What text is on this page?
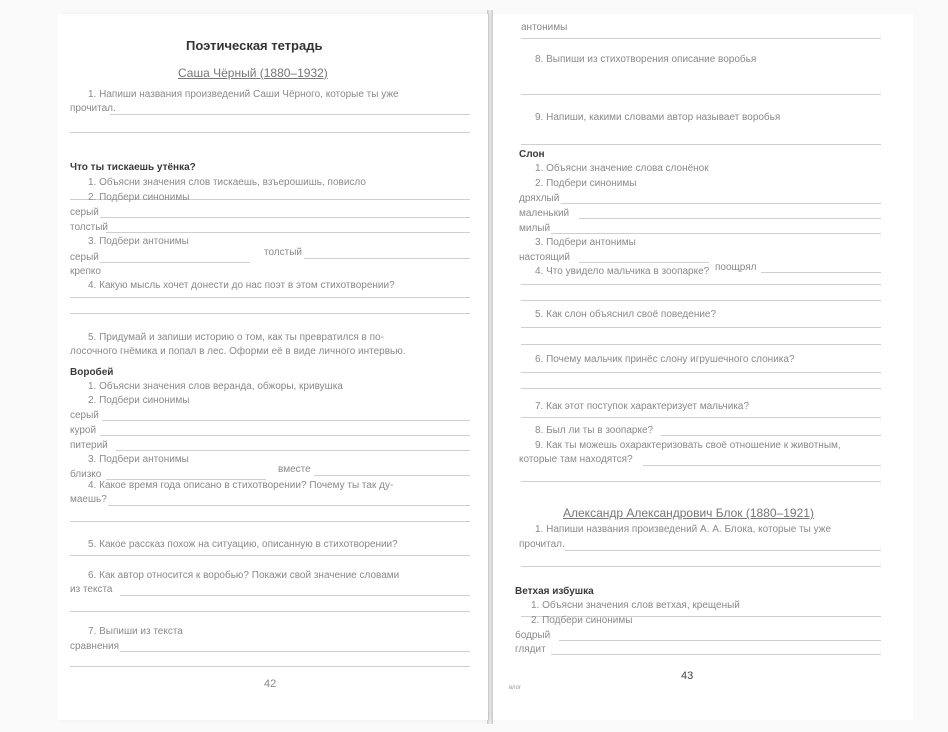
Поэтическая тетрадь
Саша Чёрный (1880–1932)
1. Напиши названия произведений Саши Чёрного, которые ты уже
прочитал.
Что ты тискаешь утёнка?
1. Объясни значения слов тискаешь, взъерошишь, повисло
2. Подбери синонимы
серый
толстый
3. Подбери антонимы
серый	толстый
крепко
4. Какую мысль хочет донести до нас поэт в этом стихотворении?
5. Придумай и запиши историю о том, как ты превратился в по-
лосочного гнёмика и попал в лес. Оформи её в виде личного интервью.
Воробей
1. Объясни значения слов веранда, обжоры, кривушка
2. Подбери синонимы
серый
курой
питерий
3. Подбери антонимы
близко	вместе
4. Какое время года описано в стихотворении? Почему ты так ду-
маешь?
5. Какое рассказ похож на ситуацию, описанную в стихотворении?
6. Как автор относится к воробью? Покажи свой значение словами
из текста
7. Выпиши из текста
сравнения
42
антонимы
8. Выпиши из стихотворения описание воробья
9. Напиши, какими словами автор называет воробья
Слон
1. Объясни значение слова слонёнок
2. Подбери синонимы
дряхлый
маленький
милый
3. Подбери антонимы
настоящий
поощрял
4. Что увидело мальчика в зоопарке?
5. Как слон объяснил своё поведение?
6. Почему мальчик принёс слону игрушечного слоника?
7. Как этот поступок характеризует мальчика?
8. Был ли ты в зоопарке?
9. Как ты можешь охарактеризовать своё отношение к животным,
которые там находятся?
Александр Александрович Блок (1880–1921)
1. Напиши названия произведений А. А. Блока, которые ты уже
прочитал.
Ветхая избушка
1. Объясни значения слов ветхая, крещеный
2. Подбери синонимы
бодрый
глядит
влог
43
